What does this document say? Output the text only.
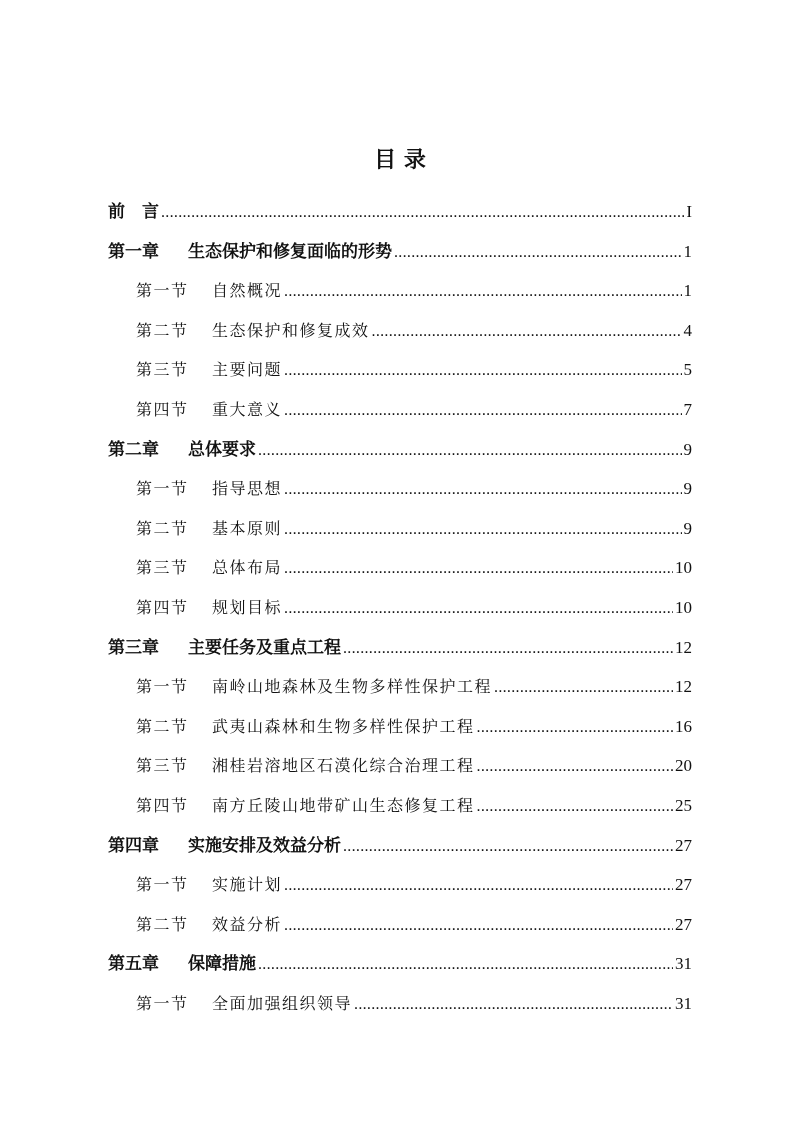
目 录
前　言 .....	I
第一章 生态保护和修复面临的形势 .....	1
第一节 自然概况 .....	1
第二节 生态保护和修复成效 .....	4
第三节 主要问题 .....	5
第四节 重大意义 .....	7
第二章 总体要求 .....	9
第一节 指导思想 .....	9
第二节 基本原则 .....	9
第三节 总体布局 .....	10
第四节 规划目标 .....	10
第三章 主要任务及重点工程 .....	12
第一节 南岭山地森林及生物多样性保护工程 .....	12
第二节 武夷山森林和生物多样性保护工程 .....	16
第三节 湘桂岩溶地区石漠化综合治理工程 .....	20
第四节 南方丘陵山地带矿山生态修复工程 .....	25
第四章 实施安排及效益分析 .....	27
第一节 实施计划 .....	27
第二节 效益分析 .....	27
第五章 保障措施 .....	31
第一节 全面加强组织领导 .....	31
